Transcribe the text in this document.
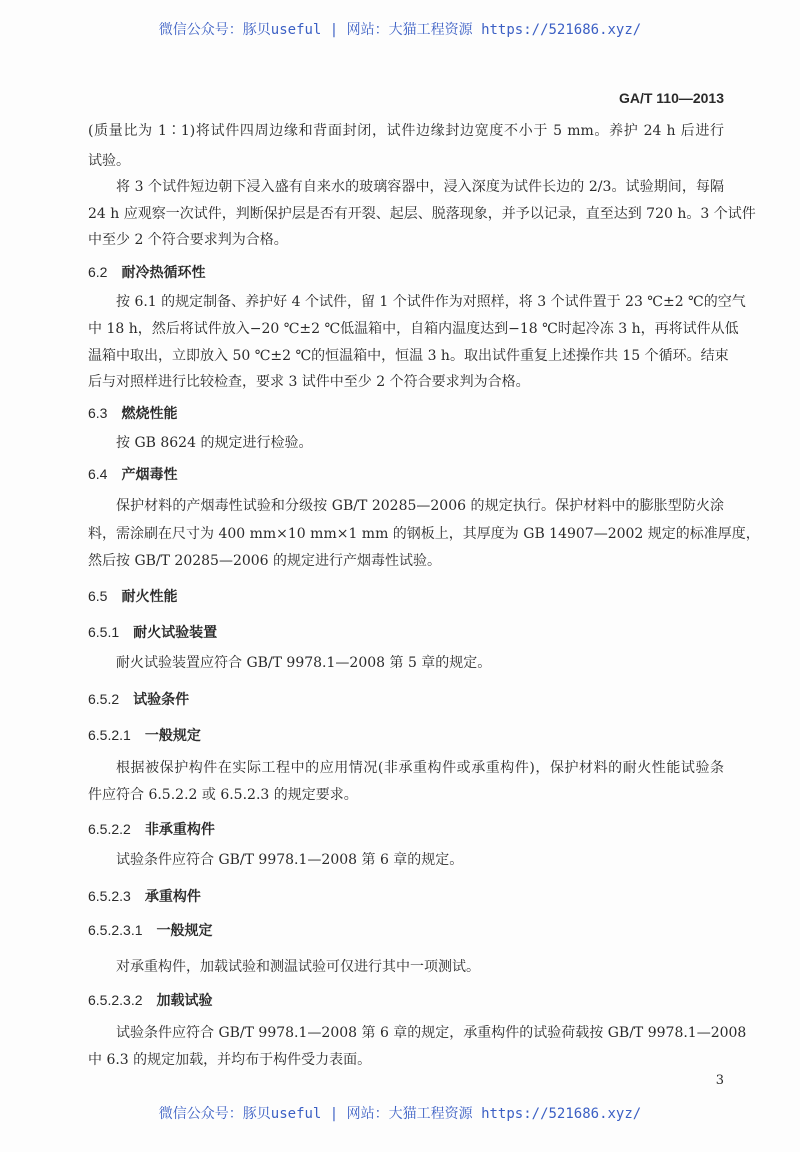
微信公众号：豚贝useful | 网站：大猫工程资源 https://521686.xyz/
GA/T 110—2013
(质量比为 1∶1)将试件四周边缘和背面封闭，试件边缘封边宽度不小于 5 mm。养护 24 h 后进行
试验。
将 3 个试件短边朝下浸入盛有自来水的玻璃容器中，浸入深度为试件长边的 2/3。试验期间，每隔
24 h 应观察一次试件，判断保护层是否有开裂、起层、脱落现象，并予以记录，直至达到 720 h。3 个试件
中至少 2 个符合要求判为合格。
6.2 耐冷热循环性
按 6.1 的规定制备、养护好 4 个试件，留 1 个试件作为对照样，将 3 个试件置于 23 ℃±2 ℃的空气
中 18 h，然后将试件放入−20 ℃±2 ℃低温箱中，自箱内温度达到−18 ℃时起冷冻 3 h，再将试件从低
温箱中取出，立即放入 50 ℃±2 ℃的恒温箱中，恒温 3 h。取出试件重复上述操作共 15 个循环。结束
后与对照样进行比较检查，要求 3 试件中至少 2 个符合要求判为合格。
6.3 燃烧性能
按 GB 8624 的规定进行检验。
6.4 产烟毒性
保护材料的产烟毒性试验和分级按 GB/T 20285—2006 的规定执行。保护材料中的膨胀型防火涂
料，需涂刷在尺寸为 400 mm×10 mm×1 mm 的钢板上，其厚度为 GB 14907—2002 规定的标准厚度，
然后按 GB/T 20285—2006 的规定进行产烟毒性试验。
6.5 耐火性能
6.5.1 耐火试验装置
耐火试验装置应符合 GB/T 9978.1—2008 第 5 章的规定。
6.5.2 试验条件
6.5.2.1 一般规定
根据被保护构件在实际工程中的应用情况(非承重构件或承重构件)，保护材料的耐火性能试验条
件应符合 6.5.2.2 或 6.5.2.3 的规定要求。
6.5.2.2 非承重构件
试验条件应符合 GB/T 9978.1—2008 第 6 章的规定。
6.5.2.3 承重构件
6.5.2.3.1 一般规定
对承重构件，加载试验和测温试验可仅进行其中一项测试。
6.5.2.3.2 加载试验
试验条件应符合 GB/T 9978.1—2008 第 6 章的规定，承重构件的试验荷载按 GB/T 9978.1—2008
中 6.3 的规定加载，并均布于构件受力表面。
3
微信公众号：豚贝useful | 网站：大猫工程资源 https://521686.xyz/
